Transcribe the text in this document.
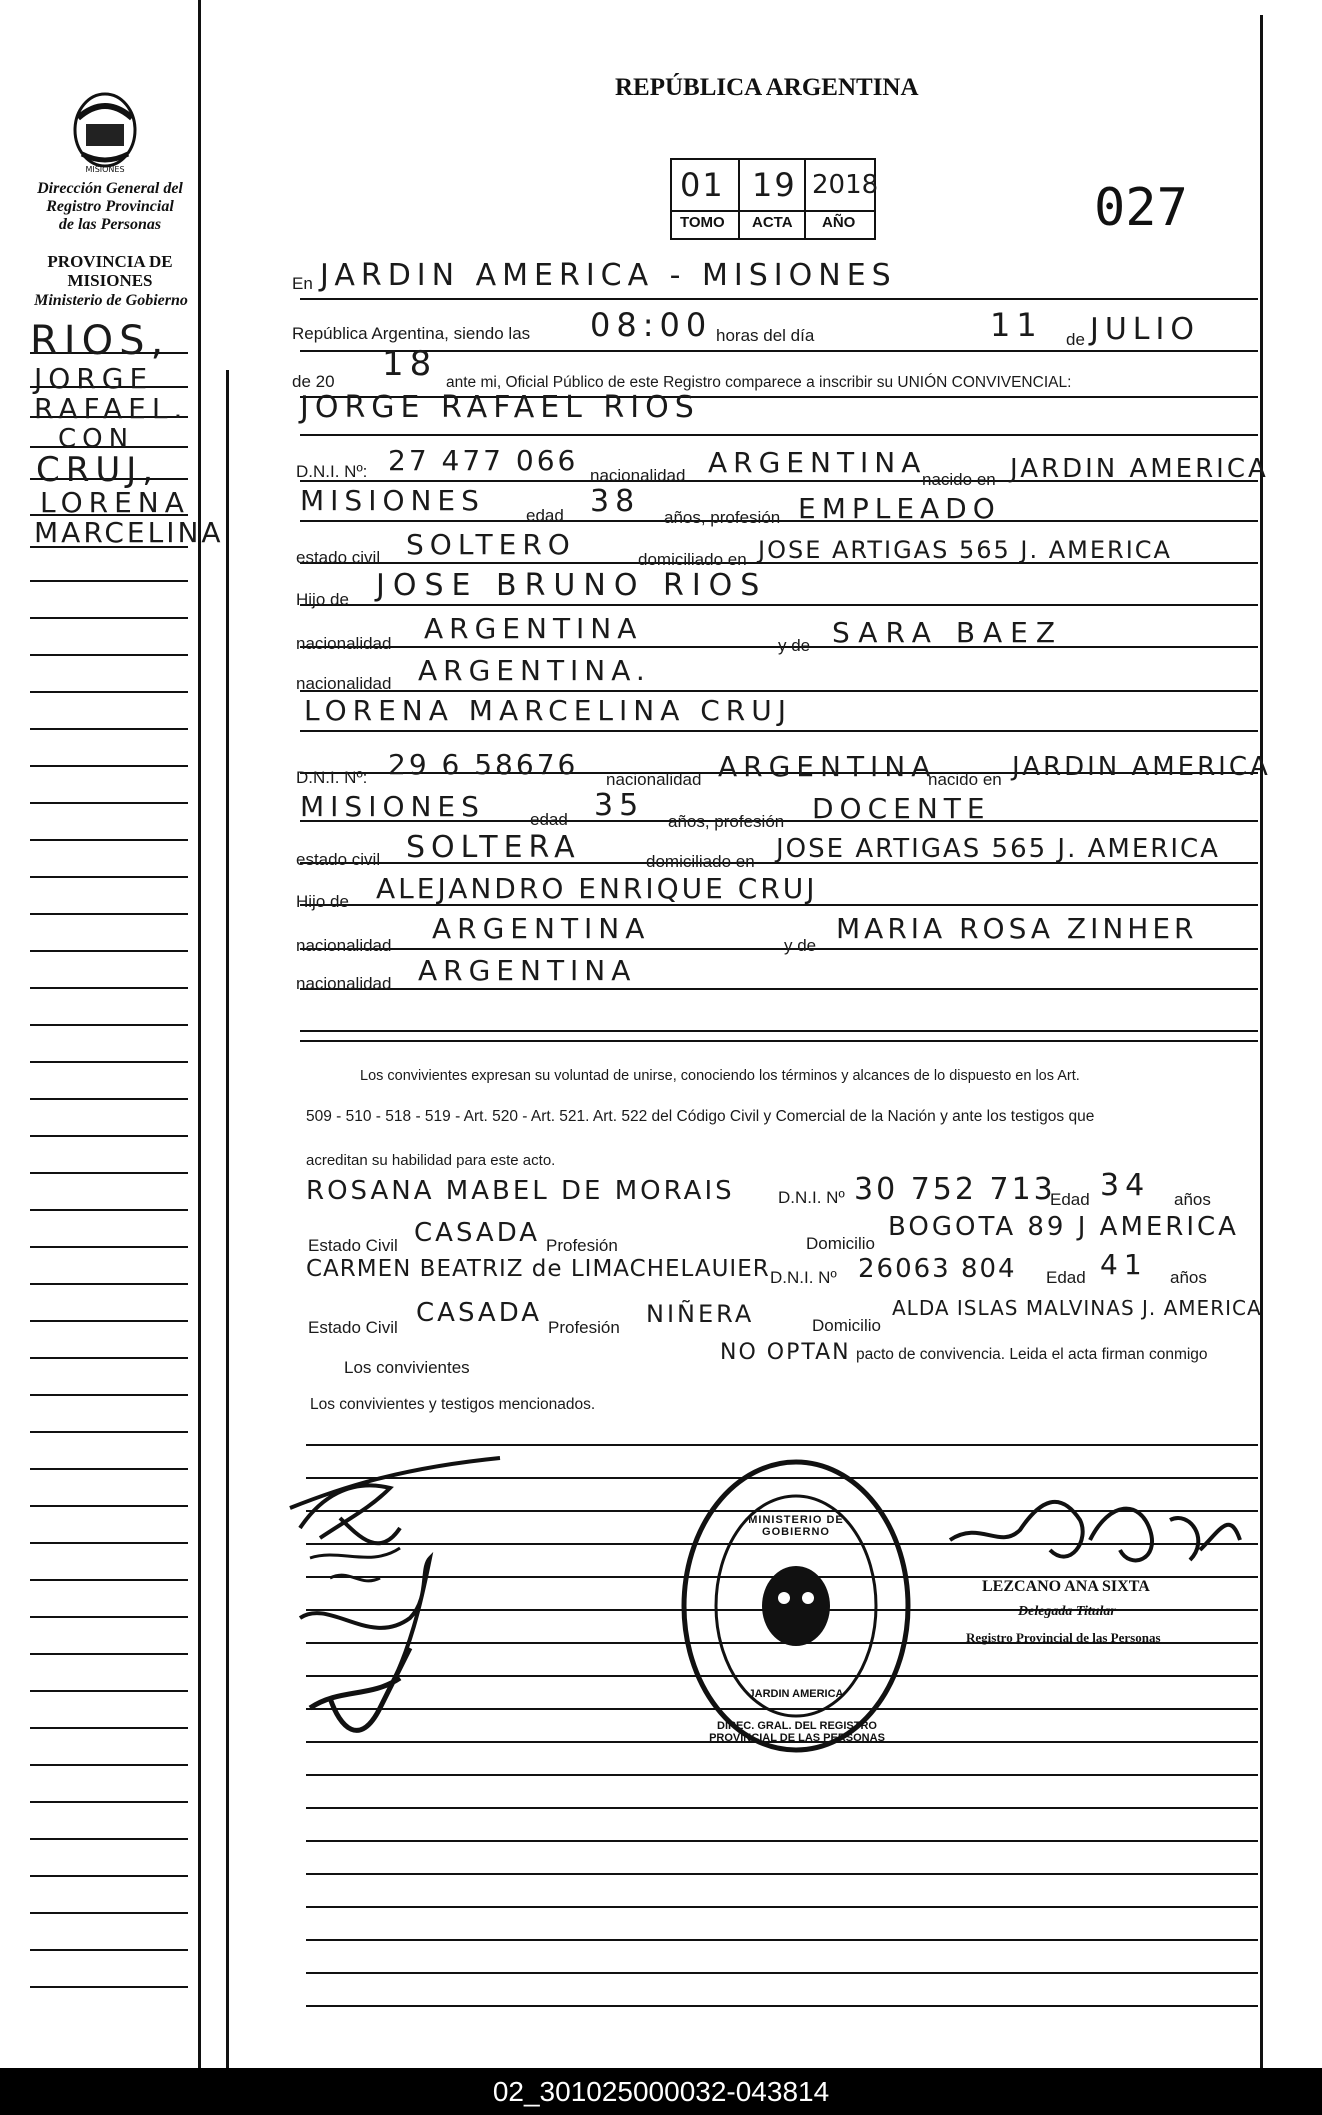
MISIONES
Dirección General del
Registro Provincial
de las Personas
PROVINCIA DE
MISIONES
Ministerio de Gobierno
RIOS,
JORGE
RAFAEL.
CON
CRUJ,
LORENA
MARCELINA
REPÚBLICA ARGENTINA
01 19 2018
TOMO ACTA AÑO	027
En JARDIN AMERICA - MISIONES
República Argentina, siendo las 08:00 horas del día	11 de JULIO
de 20 18 ante mi, Oficial Público de este Registro comparece a inscribir su UNIÓN CONVIVENCIAL:
JORGE RAFAEL RIOS
D.N.I. Nº: 27 477 066 nacionalidad ARGENTINA
nacido en JARDIN AMERICA
MISIONES edad 38 años, profesión EMPLEADO
estado civil SOLTERO	domiciliado en JOSE ARTIGAS 565 J. AMERICA
Hijo de JOSE BRUNO RIOS
nacionalidad ARGENTINA
y de SARA BAEZ
nacionalidad ARGENTINA.
LORENA MARCELINA CRUJ
D.N.I. Nº: 29 6 58676 nacionalidad ARGENTINA
nacido en JARDIN AMERICA
MISIONES	edad 35 años, profesión DOCENTE
estado civil SOLTERA	domiciliado en JOSE ARTIGAS 565 J. AMERICA
Hijo de ALEJANDRO ENRIQUE CRUJ
nacionalidad
ARGENTINA
y de
MARIA ROSA ZINHER
nacionalidad ARGENTINA
Los convivientes expresan su voluntad de unirse, conociendo los términos y alcances de lo dispuesto en los Art.
509 - 510 - 518 - 519 - Art. 520 - Art. 521. Art. 522 del Código Civil y Comercial de la Nación y ante los testigos que
acreditan su habilidad para este acto.
ROSANA MABEL DE MORAIS	D.N.I. Nº 30 752 713
Edad 34 años
Estado Civil CASADA Profesión	Domicilio
BOGOTA 89 J AMERICA
CARMEN BEATRIZ de LIMACHELAUIER D.N.I. Nº 26063 804 Edad 41 años
Estado Civil CASADA Profesión NIÑERA	Domicilio
ALDA ISLAS MALVINAS J. AMERICA
Los convivientes
NO OPTAN pacto de convivencia. Leida el acta firman conmigo
Los convivientes y testigos mencionados.
MINISTERIO DE GOBIERNO
JARDIN AMERICA
DIREC. GRAL. DEL REGISTRO PROVINCIAL DE LAS PERSONAS
LEZCANO ANA SIXTA
Delegada Titular
Registro Provincial de las Personas
02_301025000032-043814
